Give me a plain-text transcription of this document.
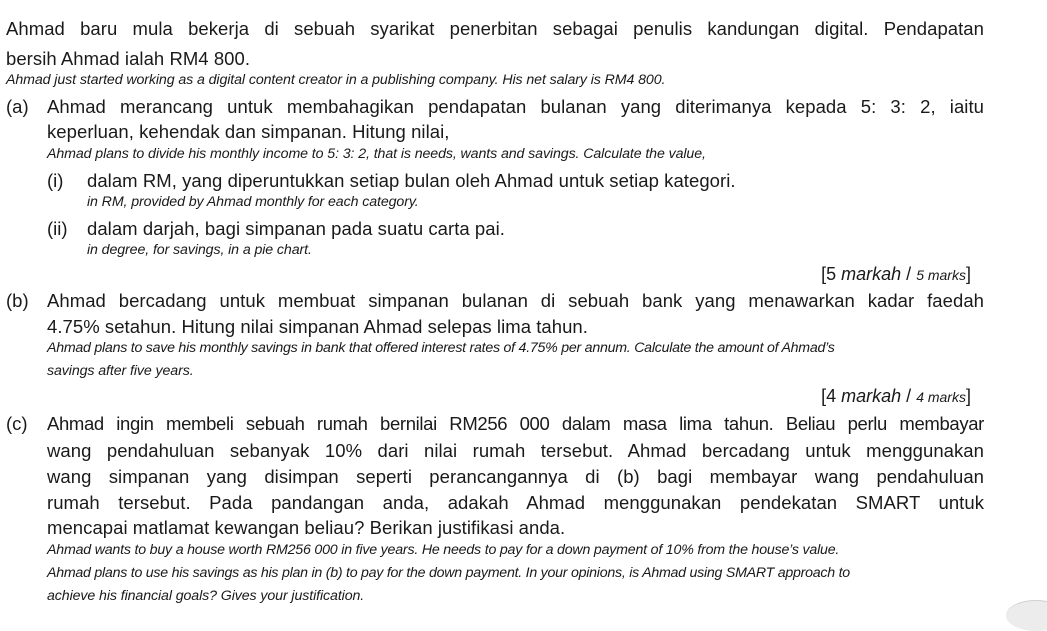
Ahmad baru mula bekerja di sebuah syarikat penerbitan sebagai penulis kandungan digital. Pendapatan

bersih Ahmad ialah RM4 800.

Ahmad just started working as a digital content creator in a publishing company. His net salary is RM4 800.

(a) Ahmad merancang untuk membahagikan pendapatan bulanan yang diterimanya kepada 5: 3: 2, iaitu

keperluan, kehendak dan simpanan. Hitung nilai,

Ahmad plans to divide his monthly income to 5: 3: 2, that is needs, wants and savings. Calculate the value,

(i) dalam RM, yang diperuntukkan setiap bulan oleh Ahmad untuk setiap kategori.

in RM, provided by Ahmad monthly for each category.

(ii) dalam darjah, bagi simpanan pada suatu carta pai.

in degree, for savings, in a pie chart.

[5 markah / 5 marks]

(b) Ahmad bercadang untuk membuat simpanan bulanan di sebuah bank yang menawarkan kadar faedah

4.75% setahun. Hitung nilai simpanan Ahmad selepas lima tahun.

Ahmad plans to save his monthly savings in bank that offered interest rates of 4.75% per annum. Calculate the amount of Ahmad’s

savings after five years.

[4 markah / 4 marks]

(c) Ahmad ingin membeli sebuah rumah bernilai RM256 000 dalam masa lima tahun. Beliau perlu membayar

wang pendahuluan sebanyak 10% dari nilai rumah tersebut. Ahmad bercadang untuk menggunakan

wang simpanan yang disimpan seperti perancangannya di (b) bagi membayar wang pendahuluan

rumah tersebut. Pada pandangan anda, adakah Ahmad menggunakan pendekatan SMART untuk

mencapai matlamat kewangan beliau? Berikan justifikasi anda.

Ahmad wants to buy a house worth RM256 000 in five years. He needs to pay for a down payment of 10% from the house’s value.

Ahmad plans to use his savings as his plan in (b) to pay for the down payment. In your opinions, is Ahmad using SMART approach to

achieve his financial goals? Gives your justification.
